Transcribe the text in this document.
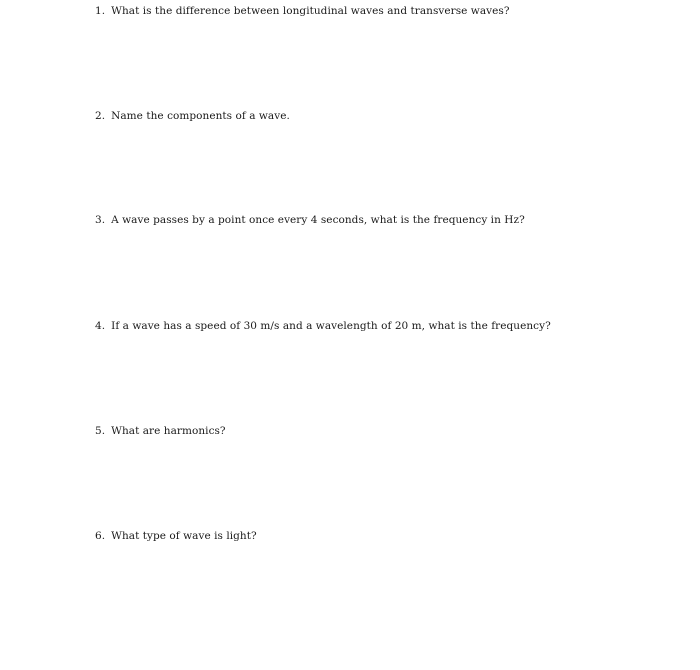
1. What is the difference between longitudinal waves and transverse waves?
2. Name the components of a wave.
3. A wave passes by a point once every 4 seconds, what is the frequency in Hz?
4. If a wave has a speed of 30 m/s and a wavelength of 20 m, what is the frequency?
5. What are harmonics?
6. What type of wave is light?
